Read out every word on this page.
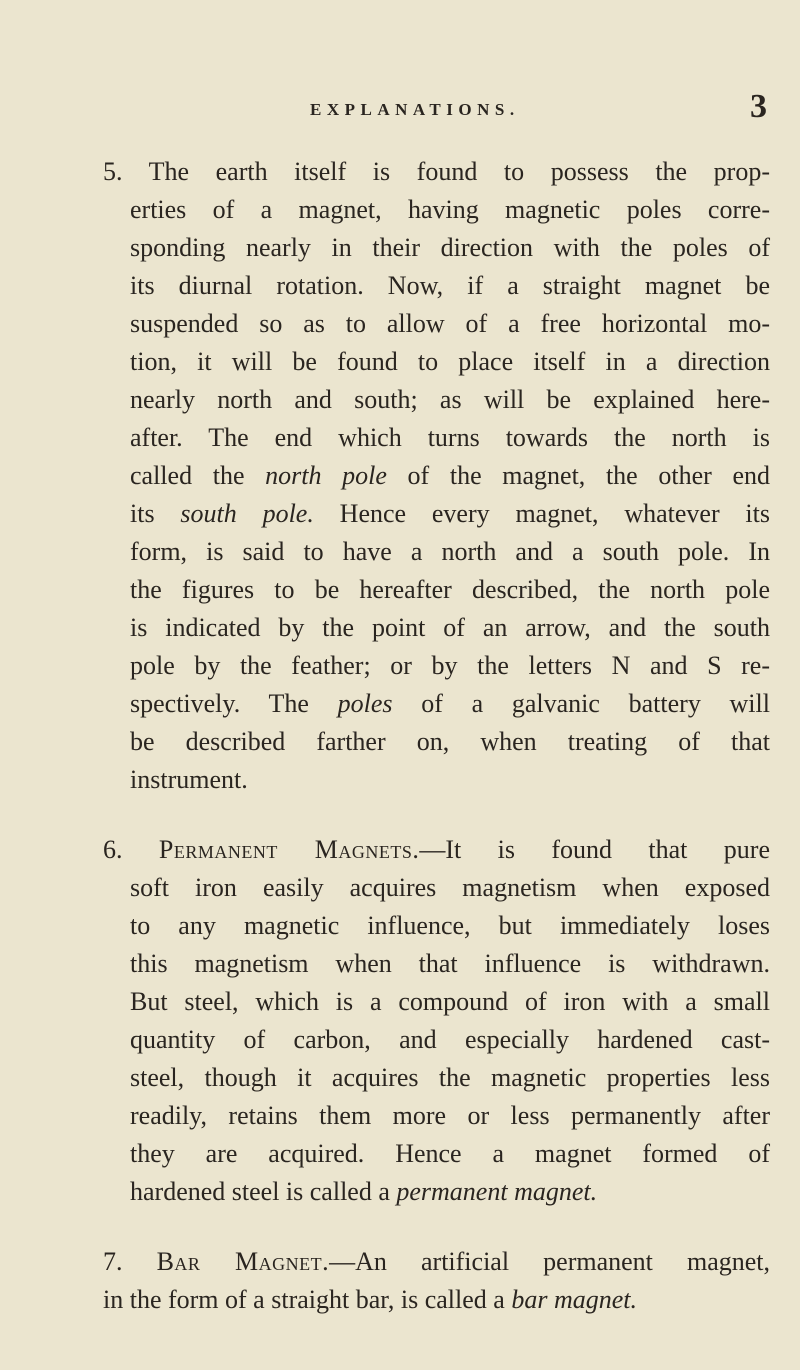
EXPLANATIONS.	3
5. The earth itself is found to possess the prop-
erties of a magnet, having magnetic poles corre-
sponding nearly in their direction with the poles of
its diurnal rotation. Now, if a straight magnet be
suspended so as to allow of a free horizontal mo-
tion, it will be found to place itself in a direction
nearly north and south; as will be explained here-
after. The end which turns towards the north is
called the north pole of the magnet, the other end
its south pole. Hence every magnet, whatever its
form, is said to have a north and a south pole. In
the figures to be hereafter described, the north pole
is indicated by the point of an arrow, and the south
pole by the feather; or by the letters N and S re-
spectively. The poles of a galvanic battery will
be described farther on, when treating of that
instrument.
6. Permanent Magnets.—It is found that pure
soft iron easily acquires magnetism when exposed
to any magnetic influence, but immediately loses
this magnetism when that influence is withdrawn.
But steel, which is a compound of iron with a small
quantity of carbon, and especially hardened cast-
steel, though it acquires the magnetic properties less
readily, retains them more or less permanently after
they are acquired. Hence a magnet formed of
hardened steel is called a permanent magnet.
7. Bar Magnet.—An artificial permanent magnet,
in the form of a straight bar, is called a bar magnet.
